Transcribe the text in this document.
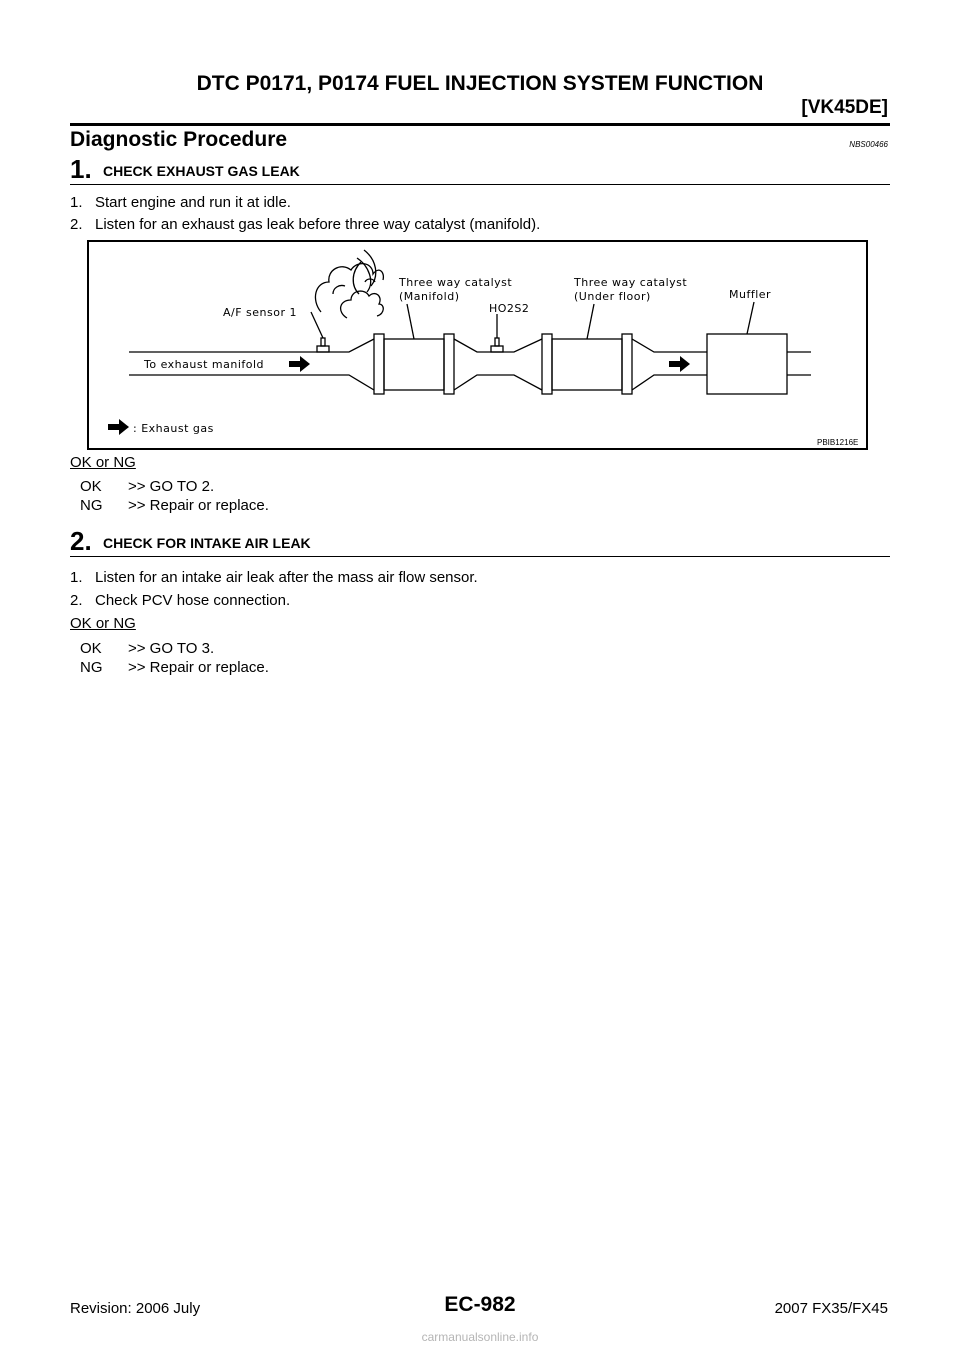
DTC P0171, P0174 FUEL INJECTION SYSTEM FUNCTION
[VK45DE]
Diagnostic Procedure	NBS00466
1. CHECK EXHAUST GAS LEAK
1.   Start engine and run it at idle.
2.   Listen for an exhaust gas leak before three way catalyst (manifold).
Three way catalyst
(Manifold)
A/F sensor 1	HO2S2
Three way catalyst
(Under floor)	Muffler
To exhaust manifold
: Exhaust gas
PBIB1216E
OK or NG
OK >> GO TO 2.
NG >> Repair or replace.
2. CHECK FOR INTAKE AIR LEAK
1.   Listen for an intake air leak after the mass air flow sensor.
2.   Check PCV hose connection.
OK or NG
OK >> GO TO 3.
NG >> Repair or replace.
Revision: 2006 July	EC-982	2007 FX35/FX45
carmanualsonline.info
